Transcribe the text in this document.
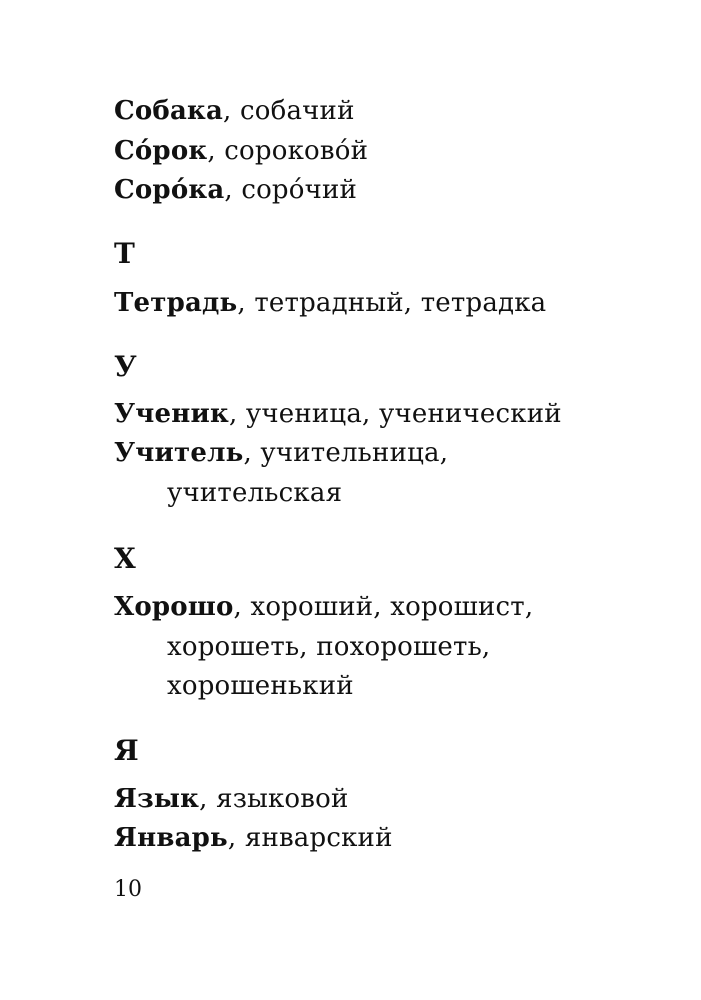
Собака, собачий
Со́рок, сороково́й
Соро́ка, соро́чий
Т
Тетрадь, тетрадный, тетрадка
У
Ученик, ученица, ученический
Учитель, учительница,
учительская
Х
Хорошо, хороший, хорошист,
хорошеть, похорошеть,
хорошенький
Я
Язык, языковой
Январь, январский
10
